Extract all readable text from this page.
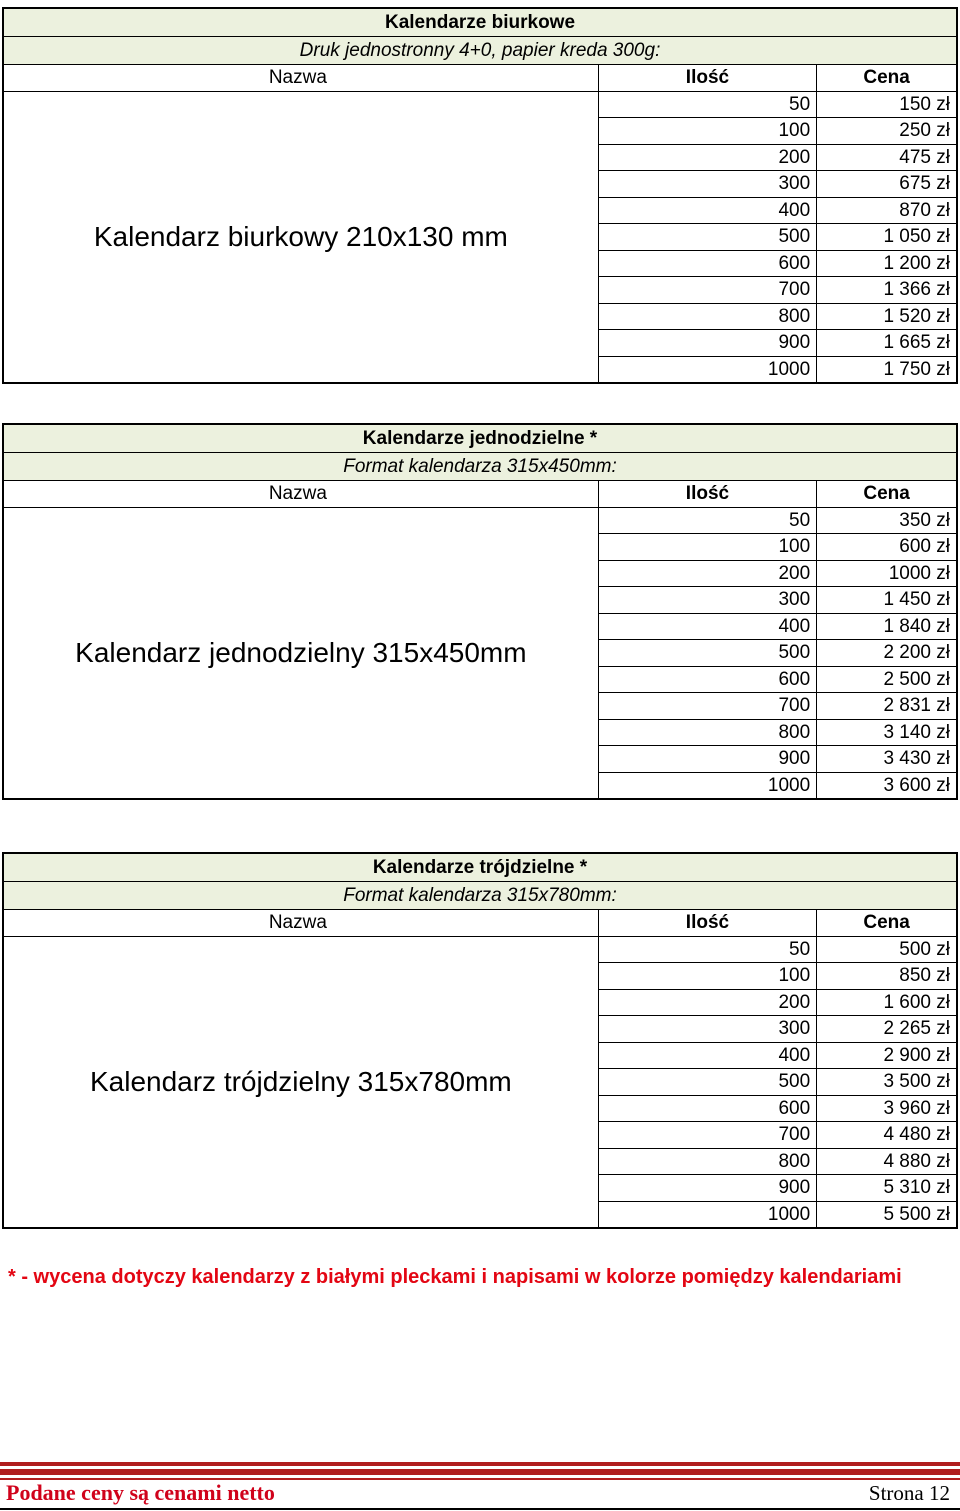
Kalendarze biurkowe		
Druk jednostronny 4+0, papier kreda 300g:		
Nazwa	Ilość	Cena
Kalendarz biurkowy 210x130 mm	50	150 zł
	100	250 zł
	200	475 zł
	300	675 zł
	400	870 zł
	500	1 050 zł
	600	1 200 zł
	700	1 366 zł
	800	1 520 zł
	900	1 665 zł
	1000	1 750 zł
Kalendarze jednodzielne *		
Format kalendarza 315x450mm:		
Nazwa	Ilość	Cena
Kalendarz jednodzielny 315x450mm	50	350 zł
	100	600 zł
	200	1000 zł
	300	1 450 zł
	400	1 840 zł
	500	2 200 zł
	600	2 500 zł
	700	2 831 zł
	800	3 140 zł
	900	3 430 zł
	1000	3 600 zł
Kalendarze trójdzielne *		
Format kalendarza 315x780mm:		
Nazwa	Ilość	Cena
Kalendarz trójdzielny 315x780mm	50	500 zł
	100	850 zł
	200	1 600 zł
	300	2 265 zł
	400	2 900 zł
	500	3 500 zł
	600	3 960 zł
	700	4 480 zł
	800	4 880 zł
	900	5 310 zł
	1000	5 500 zł
* - wycena dotyczy kalendarzy z białymi pleckami i napisami w kolorze pomiędzy kalendariami
Podane ceny są cenami netto	Strona 12
